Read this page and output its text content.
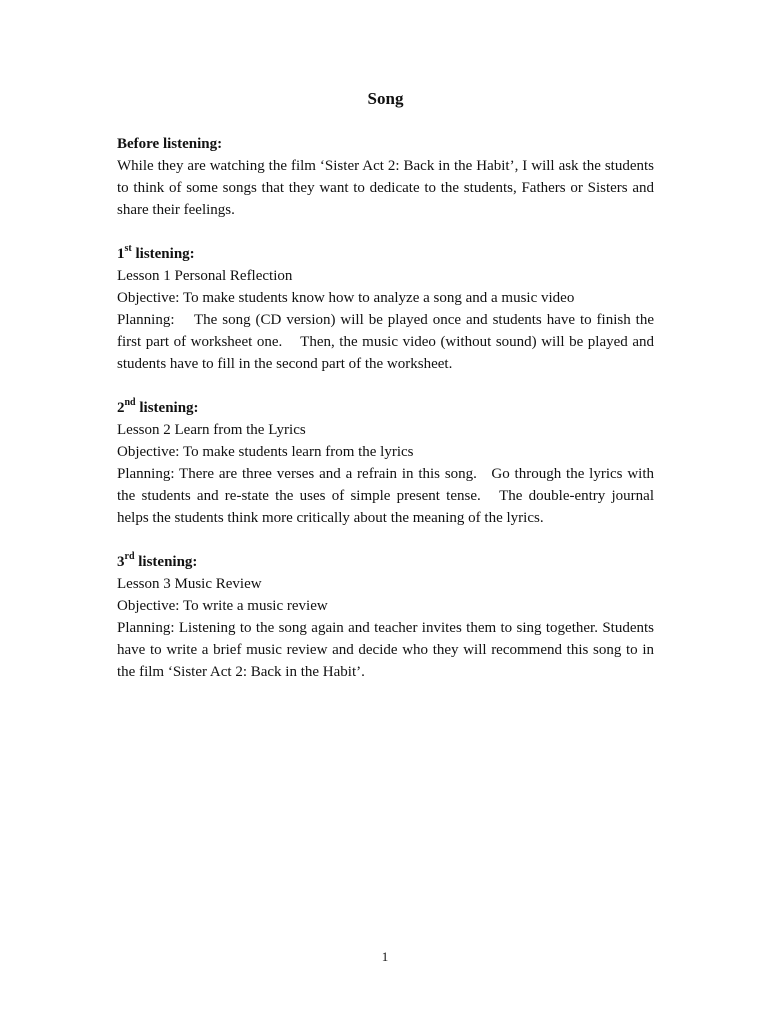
Song

Before listening:

While they are watching the film ‘Sister Act 2: Back in the Habit’, I will ask the students to think of some songs that they want to dedicate to the students, Fathers or Sisters and share their feelings.

1st listening:

Lesson 1 Personal Reflection

Objective: To make students know how to analyze a song and a music video

Planning:    The song (CD version) will be played once and students have to finish the first part of worksheet one.    Then, the music video (without sound) will be played and students have to fill in the second part of the worksheet.

2nd listening:

Lesson 2 Learn from the Lyrics

Objective: To make students learn from the lyrics

Planning: There are three verses and a refrain in this song.   Go through the lyrics with the students and re-state the uses of simple present tense.   The double-entry journal helps the students think more critically about the meaning of the lyrics.

3rd listening:

Lesson 3 Music Review

Objective: To write a music review

Planning: Listening to the song again and teacher invites them to sing together. Students have to write a brief music review and decide who they will recommend this song to in the film ‘Sister Act 2: Back in the Habit’.

1
